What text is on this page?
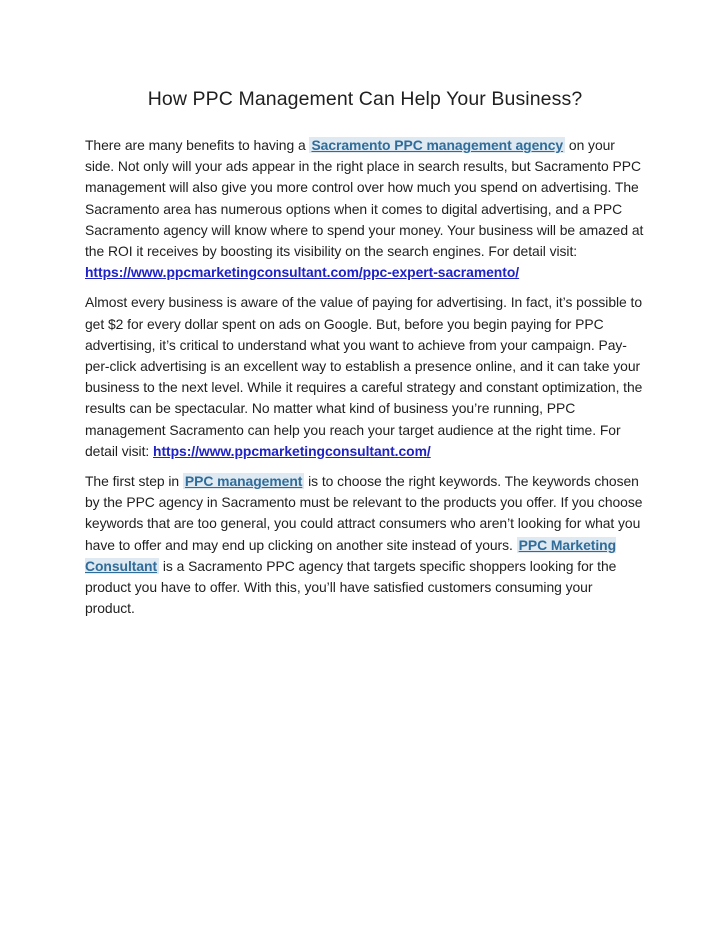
How PPC Management Can Help Your Business?

There are many benefits to having a Sacramento PPC management agency on your side. Not only will your ads appear in the right place in search results, but Sacramento PPC management will also give you more control over how much you spend on advertising. The Sacramento area has numerous options when it comes to digital advertising, and a PPC Sacramento agency will know where to spend your money. Your business will be amazed at the ROI it receives by boosting its visibility on the search engines. For detail visit: https://www.ppcmarketingconsultant.com/ppc-expert-sacramento/

Almost every business is aware of the value of paying for advertising. In fact, it’s possible to get $2 for every dollar spent on ads on Google. But, before you begin paying for PPC advertising, it’s critical to understand what you want to achieve from your campaign. Pay-per-click advertising is an excellent way to establish a presence online, and it can take your business to the next level. While it requires a careful strategy and constant optimization, the results can be spectacular. No matter what kind of business you’re running, PPC management Sacramento can help you reach your target audience at the right time. For detail visit: https://www.ppcmarketingconsultant.com/

The first step in PPC management is to choose the right keywords. The keywords chosen by the PPC agency in Sacramento must be relevant to the products you offer. If you choose keywords that are too general, you could attract consumers who aren’t looking for what you have to offer and may end up clicking on another site instead of yours. PPC Marketing Consultant is a Sacramento PPC agency that targets specific shoppers looking for the product you have to offer. With this, you’ll have satisfied customers consuming your product.
